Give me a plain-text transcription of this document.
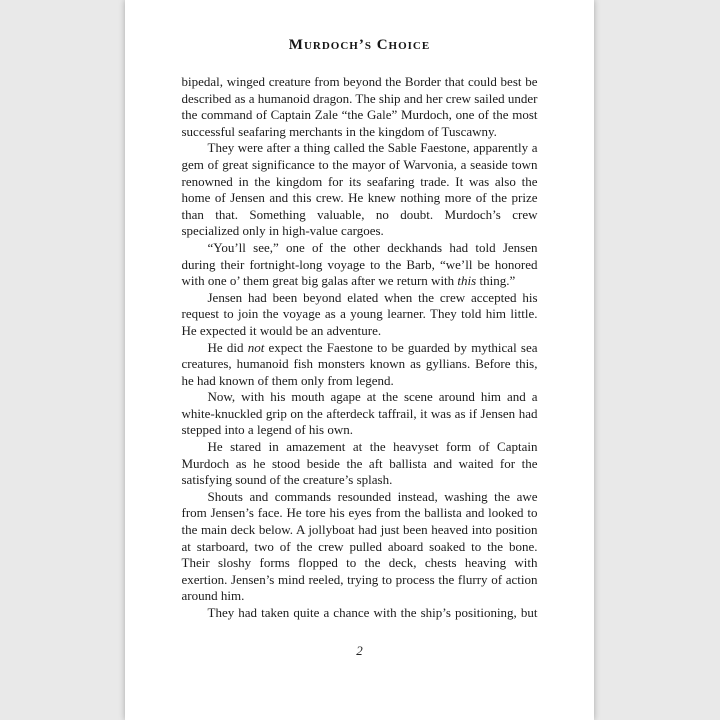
Murdoch’s Choice
bipedal, winged creature from beyond the Border that could best be described as a humanoid dragon. The ship and her crew sailed under the command of Captain Zale “the Gale” Murdoch, one of the most successful seafaring merchants in the kingdom of Tuscawny.
They were after a thing called the Sable Faestone, apparently a gem of great significance to the mayor of Warvonia, a seaside town renowned in the kingdom for its seafaring trade. It was also the home of Jensen and this crew. He knew nothing more of the prize than that. Something valuable, no doubt. Murdoch’s crew specialized only in high-value cargoes.
“You’ll see,” one of the other deckhands had told Jensen during their fortnight-long voyage to the Barb, “we’ll be honored with one o’ them great big galas after we return with this thing.”
Jensen had been beyond elated when the crew accepted his request to join the voyage as a young learner. They told him little. He expected it would be an adventure.
He did not expect the Faestone to be guarded by mythical sea creatures, humanoid fish monsters known as gyllians. Before this, he had known of them only from legend.
Now, with his mouth agape at the scene around him and a white-knuckled grip on the afterdeck taffrail, it was as if Jensen had stepped into a legend of his own.
He stared in amazement at the heavyset form of Captain Murdoch as he stood beside the aft ballista and waited for the satisfying sound of the creature’s splash.
Shouts and commands resounded instead, washing the awe from Jensen’s face. He tore his eyes from the ballista and looked to the main deck below. A jollyboat had just been heaved into position at starboard, two of the crew pulled aboard soaked to the bone. Their sloshy forms flopped to the deck, chests heaving with exertion. Jensen’s mind reeled, trying to process the flurry of action around him.
They had taken quite a chance with the ship’s positioning, but
2
